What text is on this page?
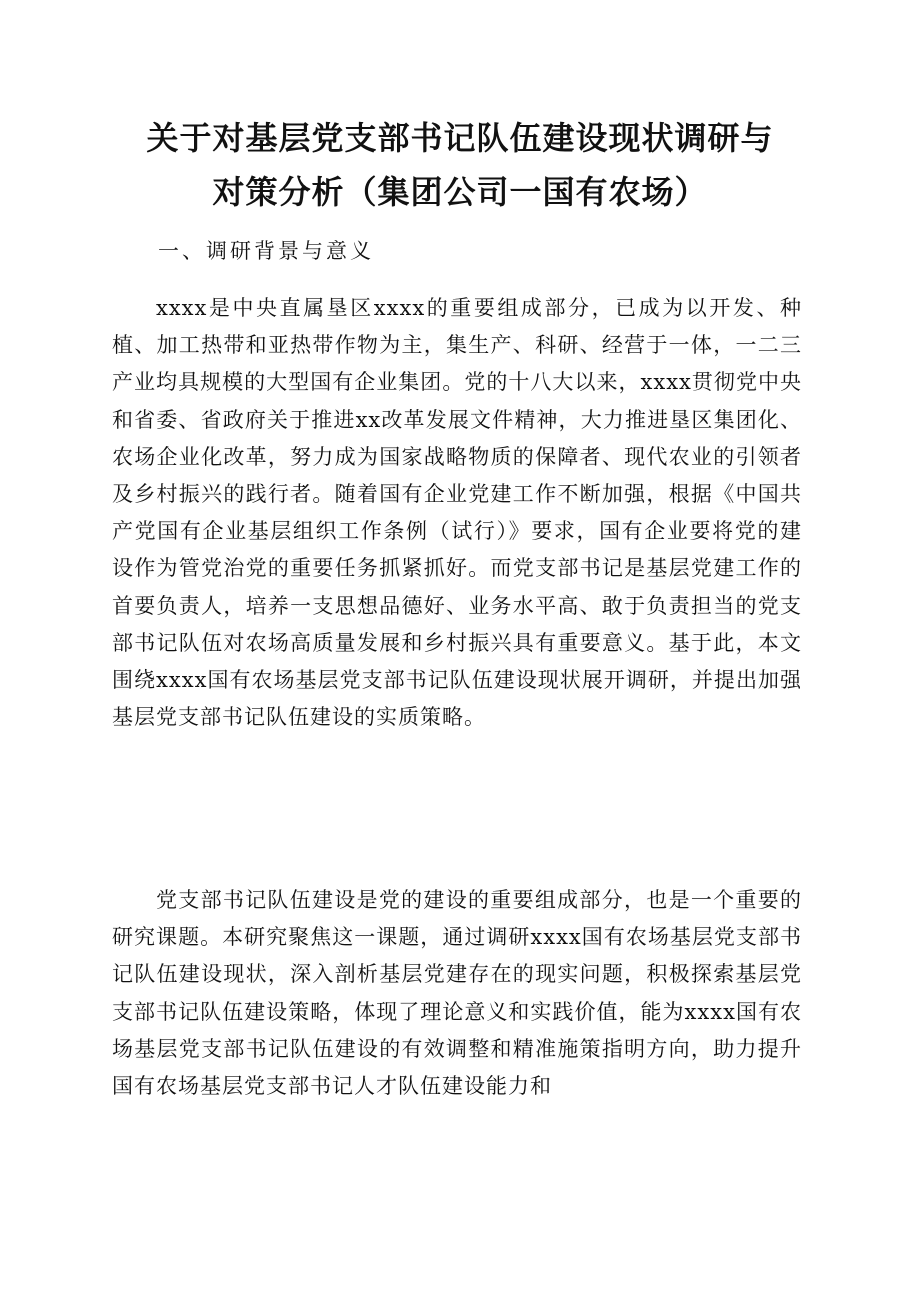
关于对基层党支部书记队伍建设现状调研与
对策分析（集团公司一国有农场）
一、调研背景与意义

xxxx是中央直属垦区xxxx的重要组成部分，已成为以开发、种植、加工热带和亚热带作物为主，集生产、科研、经营于一体，一二三产业均具规模的大型国有企业集团。党的十八大以来，xxxx贯彻党中央和省委、省政府关于推进xx改革发展文件精神，大力推进垦区集团化、农场企业化改革，努力成为国家战略物质的保障者、现代农业的引领者及乡村振兴的践行者。随着国有企业党建工作不断加强，根据《中国共产党国有企业基层组织工作条例（试行）》要求，国有企业要将党的建设作为管党治党的重要任务抓紧抓好。而党支部书记是基层党建工作的首要负责人，培养一支思想品德好、业务水平高、敢于负责担当的党支部书记队伍对农场高质量发展和乡村振兴具有重要意义。基于此，本文围绕xxxx国有农场基层党支部书记队伍建设现状展开调研，并提出加强基层党支部书记队伍建设的实质策略。

党支部书记队伍建设是党的建设的重要组成部分，也是一个重要的研究课题。本研究聚焦这一课题，通过调研xxxx国有农场基层党支部书记队伍建设现状，深入剖析基层党建存在的现实问题，积极探索基层党支部书记队伍建设策略，体现了理论意义和实践价值，能为xxxx国有农场基层党支部书记队伍建设的有效调整和精准施策指明方向，助力提升国有农场基层党支部书记人才队伍建设能力和
